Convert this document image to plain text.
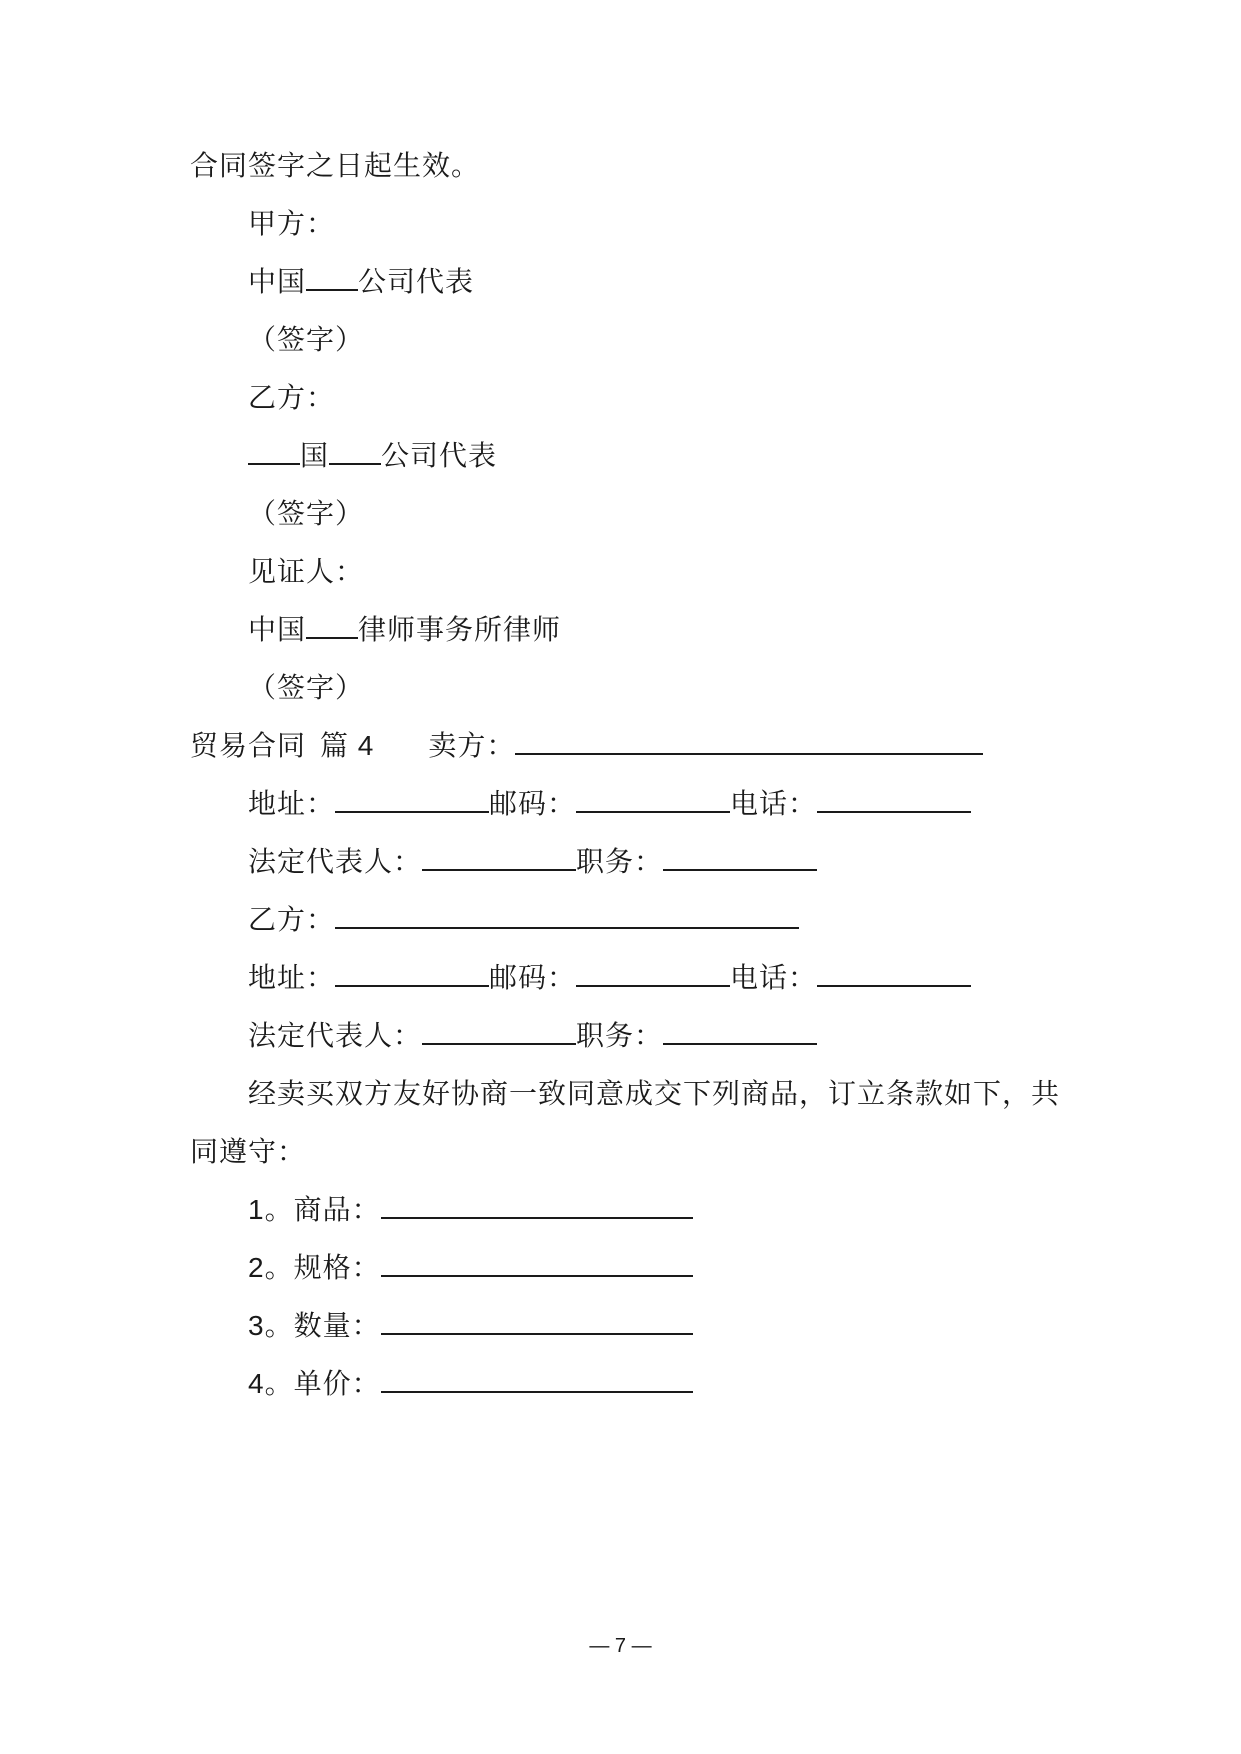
合同签字之日起生效。
甲方：
中国 公司代表
（签字）
乙方：
国 公司代表
（签字）
见证人：
中国 律师事务所律师
（签字）
贸易合同 篇 4 卖方：
地址：	邮码：	电话：
法定代表人：	职务：
乙方：
地址：	邮码：	电话：
法定代表人：	职务：
经卖买双方友好协商一致同意成交下列商品，订立条款如下，共
同遵守：
1。商品：
2。规格：
3。数量：
4。单价：
— 7 —
